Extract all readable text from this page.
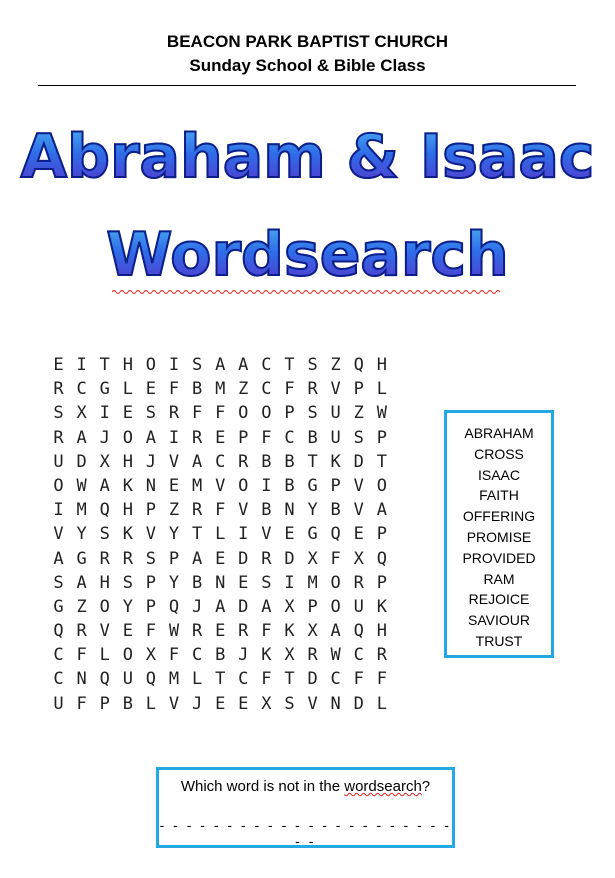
BEACON PARK BAPTIST CHURCH
Sunday School & Bible Class
Abraham & Isaac
Wordsearch
E I T H O I S A A C T S Z Q H
R C G L E F B M Z C F R V P L
S X I E S R F F O O P S U Z W
R A J O A I R E P F C B U S P
U D X H J V A C R B B T K D T
O W A K N E M V O I B G P V O
I M Q H P Z R F V B N Y B V A
V Y S K V Y T L I V E G Q E P
A G R R S P A E D R D X F X Q
S A H S P Y B N E S I M O R P
G Z O Y P Q J A D A X P O U K
Q R V E F W R E R F K X A Q H
C F L O X F C B J K X R W C R
C N Q U Q M L T C F T D C F F
U F P B L V J E E X S V N D L
ABRAHAM
CROSS
ISAAC
FAITH
OFFERING
PROMISE
PROVIDED
RAM
REJOICE
SAVIOUR
TRUST
Which word is not in the wordsearch?
- - - - - - - - - - - - - - - - - - - - - - - -
